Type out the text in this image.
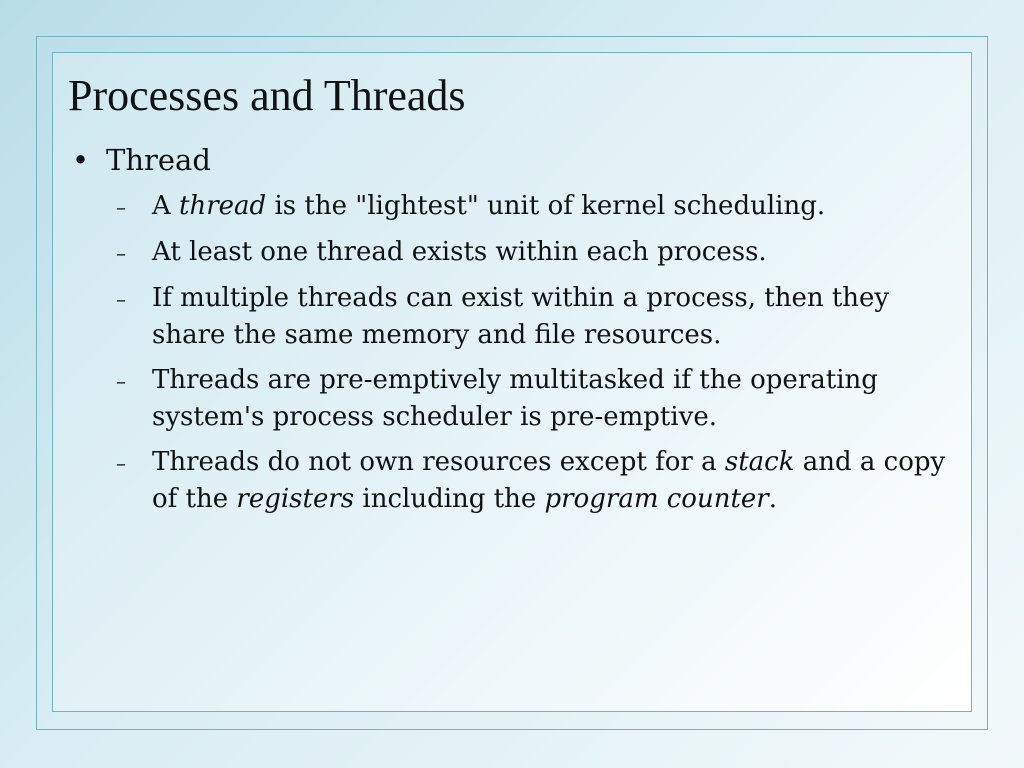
Processes and Threads
• Thread
–	A thread is the "lightest" unit of kernel scheduling.
–	At least one thread exists within each process.
–	If multiple threads can exist within a process, then they share the same memory and file resources.
–	Threads are pre-emptively multitasked if the operating system's process scheduler is pre-emptive.
–	Threads do not own resources except for a stack and a copy of the registers including the program counter.
